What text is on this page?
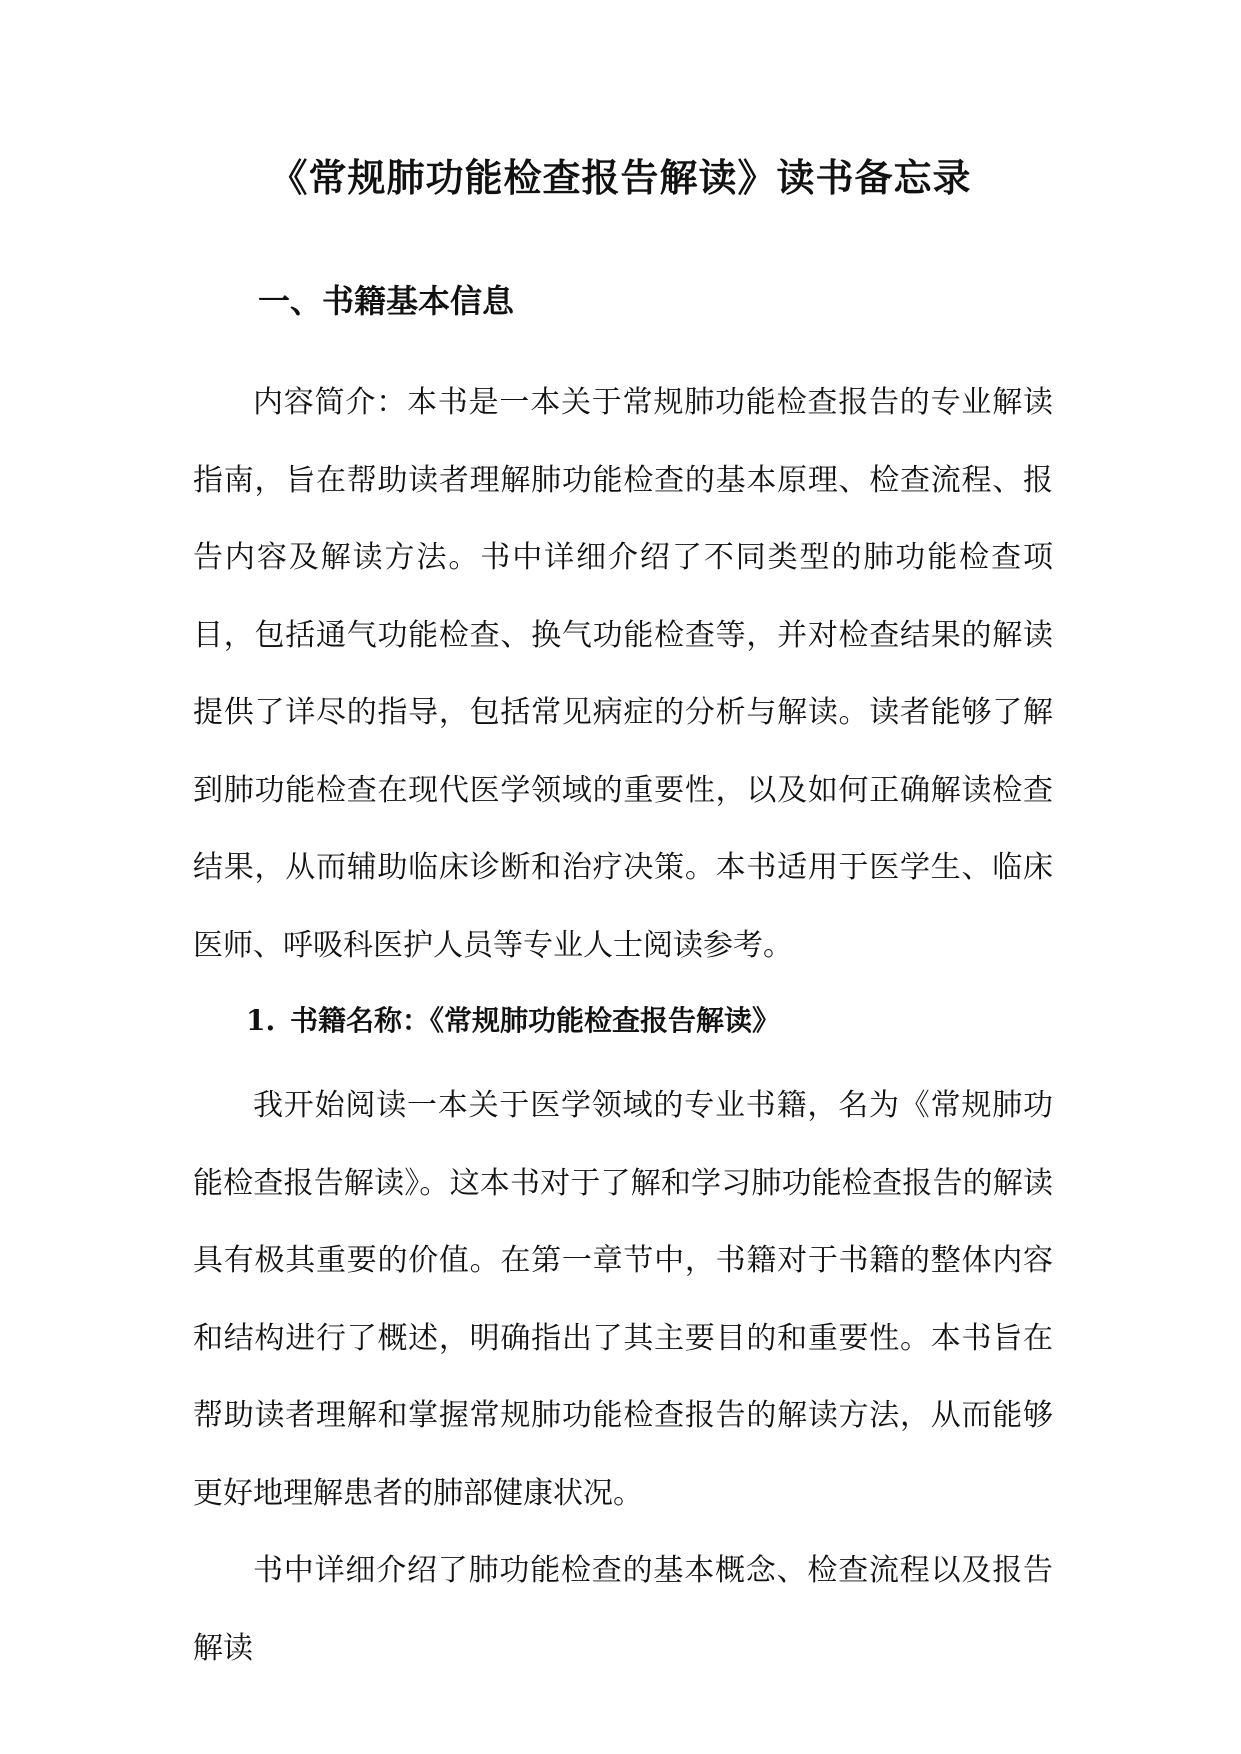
《常规肺功能检查报告解读》读书备忘录
一、书籍基本信息

内容简介：本书是一本关于常规肺功能检查报告的专业解读指南，旨在帮助读者理解肺功能检查的基本原理、检查流程、报告内容及解读方法。书中详细介绍了不同类型的肺功能检查项目，包括通气功能检查、换气功能检查等，并对检查结果的解读提供了详尽的指导，包括常见病症的分析与解读。读者能够了解到肺功能检查在现代医学领域的重要性，以及如何正确解读检查结果，从而辅助临床诊断和治疗决策。本书适用于医学生、临床医师、呼吸科医护人员等专业人士阅读参考。

1. 书籍名称：《常规肺功能检查报告解读》

我开始阅读一本关于医学领域的专业书籍，名为《常规肺功能检查报告解读》。这本书对于了解和学习肺功能检查报告的解读具有极其重要的价值。在第一章节中，书籍对于书籍的整体内容和结构进行了概述，明确指出了其主要目的和重要性。本书旨在帮助读者理解和掌握常规肺功能检查报告的解读方法，从而能够更好地理解患者的肺部健康状况。

书中详细介绍了肺功能检查的基本概念、检查流程以及报告解读
